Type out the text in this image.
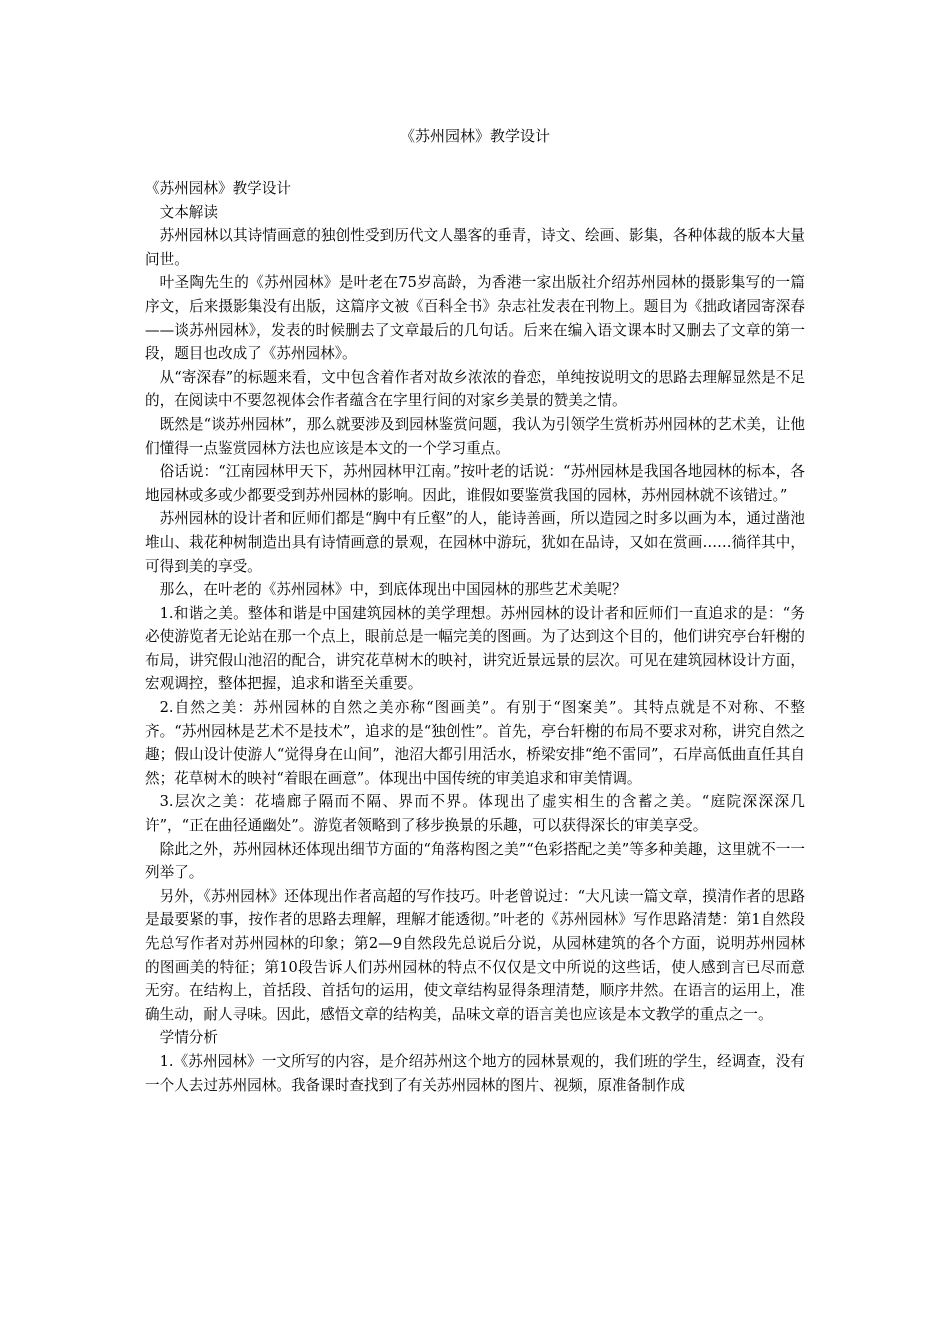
《苏州园林》教学设计

《苏州园林》教学设计

文本解读

苏州园林以其诗情画意的独创性受到历代文人墨客的垂青，诗文、绘画、影集，各种体裁的版本大量问世。

叶圣陶先生的《苏州园林》是叶老在75岁高龄，为香港一家出版社介绍苏州园林的摄影集写的一篇序文，后来摄影集没有出版，这篇序文被《百科全书》杂志社发表在刊物上。题目为《拙政诸园寄深春——谈苏州园林》，发表的时候删去了文章最后的几句话。后来在编入语文课本时又删去了文章的第一段，题目也改成了《苏州园林》。

从“寄深春”的标题来看，文中包含着作者对故乡浓浓的眷恋，单纯按说明文的思路去理解显然是不足的，在阅读中不要忽视体会作者蕴含在字里行间的对家乡美景的赞美之情。

既然是“谈苏州园林”，那么就要涉及到园林鉴赏问题，我认为引领学生赏析苏州园林的艺术美，让他们懂得一点鉴赏园林方法也应该是本文的一个学习重点。

俗话说：“江南园林甲天下，苏州园林甲江南。”按叶老的话说：“苏州园林是我国各地园林的标本，各地园林或多或少都要受到苏州园林的影响。因此，谁假如要鉴赏我国的园林，苏州园林就不该错过。”

苏州园林的设计者和匠师们都是“胸中有丘壑”的人，能诗善画，所以造园之时多以画为本，通过凿池堆山、栽花种树制造出具有诗情画意的景观，在园林中游玩，犹如在品诗，又如在赏画……徜徉其中，可得到美的享受。

那么，在叶老的《苏州园林》中，到底体现出中国园林的那些艺术美呢？

1.和谐之美。整体和谐是中国建筑园林的美学理想。苏州园林的设计者和匠师们一直追求的是：“务必使游览者无论站在那一个点上，眼前总是一幅完美的图画。为了达到这个目的，他们讲究亭台轩榭的布局，讲究假山池沼的配合，讲究花草树木的映衬，讲究近景远景的层次。可见在建筑园林设计方面，宏观调控，整体把握，追求和谐至关重要。

2.自然之美：苏州园林的自然之美亦称“图画美”。有别于“图案美”。其特点就是不对称、不整齐。“苏州园林是艺术不是技术”，追求的是“独创性”。首先，亭台轩榭的布局不要求对称，讲究自然之趣；假山设计使游人“觉得身在山间”，池沼大都引用活水，桥梁安排“绝不雷同”，石岸高低曲直任其自然；花草树木的映衬“着眼在画意”。体现出中国传统的审美追求和审美情调。

3.层次之美：花墙廊子隔而不隔、界而不界。体现出了虚实相生的含蓄之美。“庭院深深深几许”，“正在曲径通幽处”。游览者领略到了移步换景的乐趣，可以获得深长的审美享受。

除此之外，苏州园林还体现出细节方面的“角落构图之美”“色彩搭配之美”等多种美趣，这里就不一一列举了。

另外，《苏州园林》还体现出作者高超的写作技巧。叶老曾说过：“大凡读一篇文章，摸清作者的思路是最要紧的事，按作者的思路去理解，理解才能透彻。”叶老的《苏州园林》写作思路清楚：第1自然段先总写作者对苏州园林的印象；第2—9自然段先总说后分说，从园林建筑的各个方面，说明苏州园林的图画美的特征；第10段告诉人们苏州园林的特点不仅仅是文中所说的这些话，使人感到言已尽而意无穷。在结构上，首括段、首括句的运用，使文章结构显得条理清楚，顺序井然。在语言的运用上，准确生动，耐人寻味。因此，感悟文章的结构美，品味文章的语言美也应该是本文教学的重点之一。

学情分析

1.《苏州园林》一文所写的内容，是介绍苏州这个地方的园林景观的，我们班的学生，经调查，没有一个人去过苏州园林。我备课时查找到了有关苏州园林的图片、视频，原准备制作成
